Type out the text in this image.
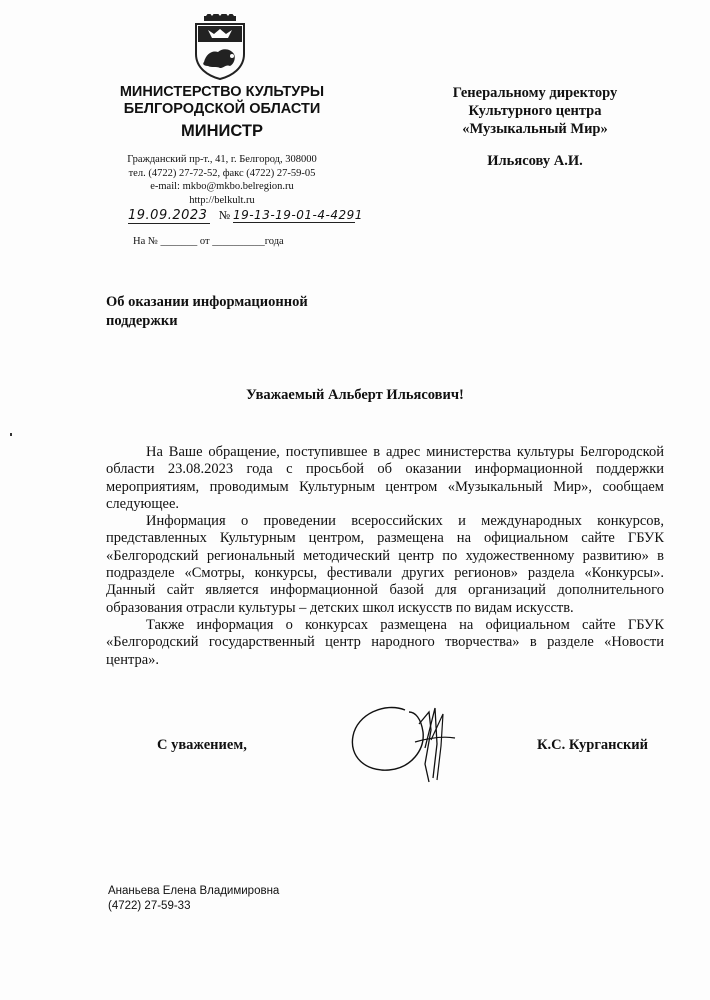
МИНИСТЕРСТВО КУЛЬТУРЫ
БЕЛГОРОДСКОЙ ОБЛАСТИ
МИНИСТР
Гражданский пр-т., 41, г. Белгород, 308000
тел. (4722) 27-72-52, факс (4722) 27-59-05
e-mail: mkbo@mkbo.belregion.ru
http://belkult.ru
19.09.2023 № 19-13-19-01-4-4291
На № _______ от __________года
Генеральному директору
Культурного центра
«Музыкальный Мир»
Ильясову А.И.
Об оказании информационной
поддержки
Уважаемый Альберт Ильясович!

На Ваше обращение, поступившее в адрес министерства культуры Белгородской области 23.08.2023 года с просьбой об оказании информационной поддержки мероприятиям, проводимым Культурным центром «Музыкальный Мир», сообщаем следующее.

Информация о проведении всероссийских и международных конкурсов, представленных Культурным центром, размещена на официальном сайте ГБУК «Белгородский региональный методический центр по художественному развитию» в подразделе «Смотры, конкурсы, фестивали других регионов» раздела «Конкурсы». Данный сайт является информационной базой для организаций дополнительного образования отрасли культуры – детских школ искусств по видам искусств.

Также информация о конкурсах размещена на официальном сайте ГБУК «Белгородский государственный центр народного творчества» в разделе «Новости центра».

С уважением,	К.С. Курганский
Ананьева Елена Владимировна
(4722) 27-59-33
